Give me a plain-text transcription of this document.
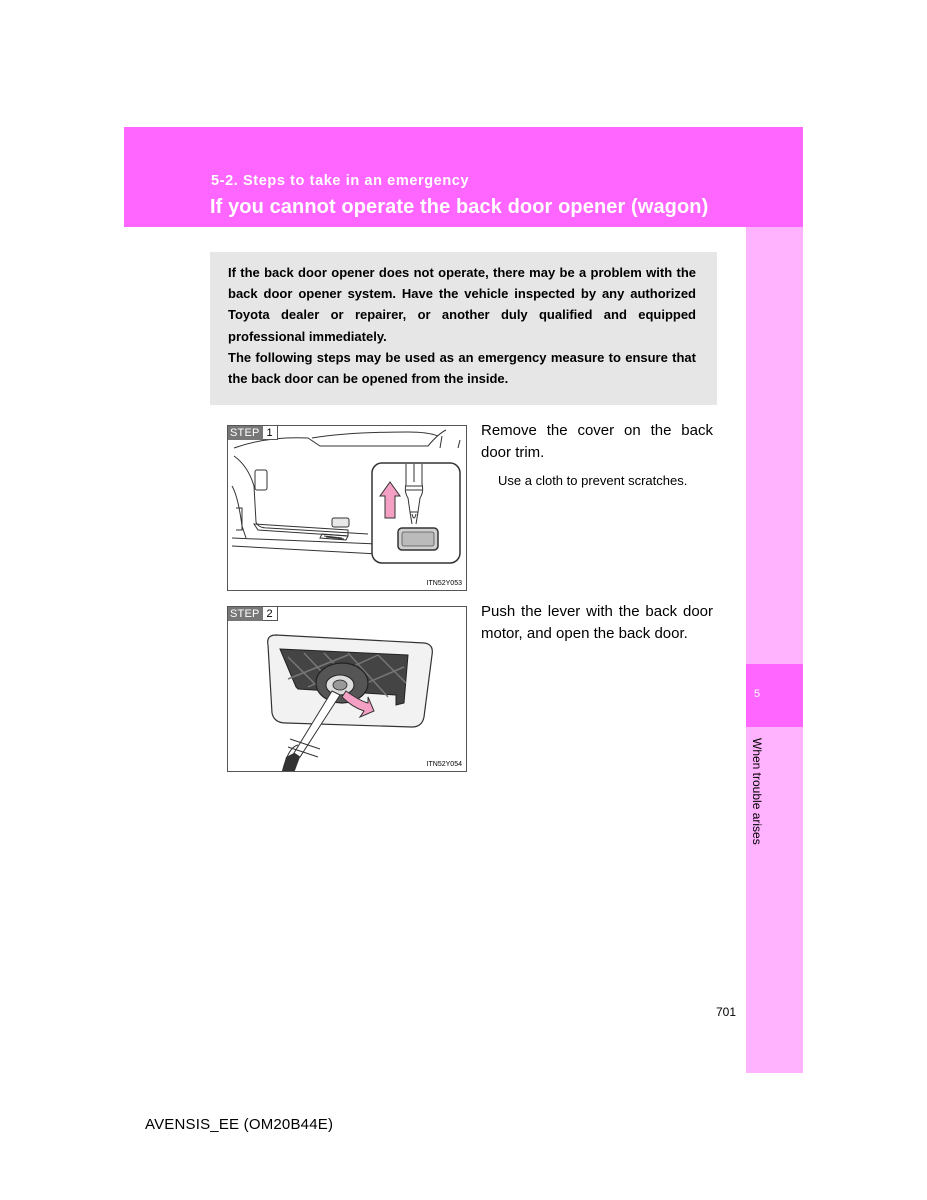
5-2. Steps to take in an emergency
If you cannot operate the back door opener (wagon)
5
When trouble arises

If the back door opener does not operate, there may be a problem with the back door opener system. Have the vehicle inspected by any authorized Toyota dealer or repairer, or another duly qualified and equipped professional immediately.

The following steps may be used as an emergency measure to ensure that the back door can be opened from the inside.

STEP 1
ITN52Y053

Remove the cover on the back door trim.

Use a cloth to prevent scratches.

STEP 2
ITN52Y054

Push the lever with the back door motor, and open the back door.

701
AVENSIS_EE (OM20B44E)
